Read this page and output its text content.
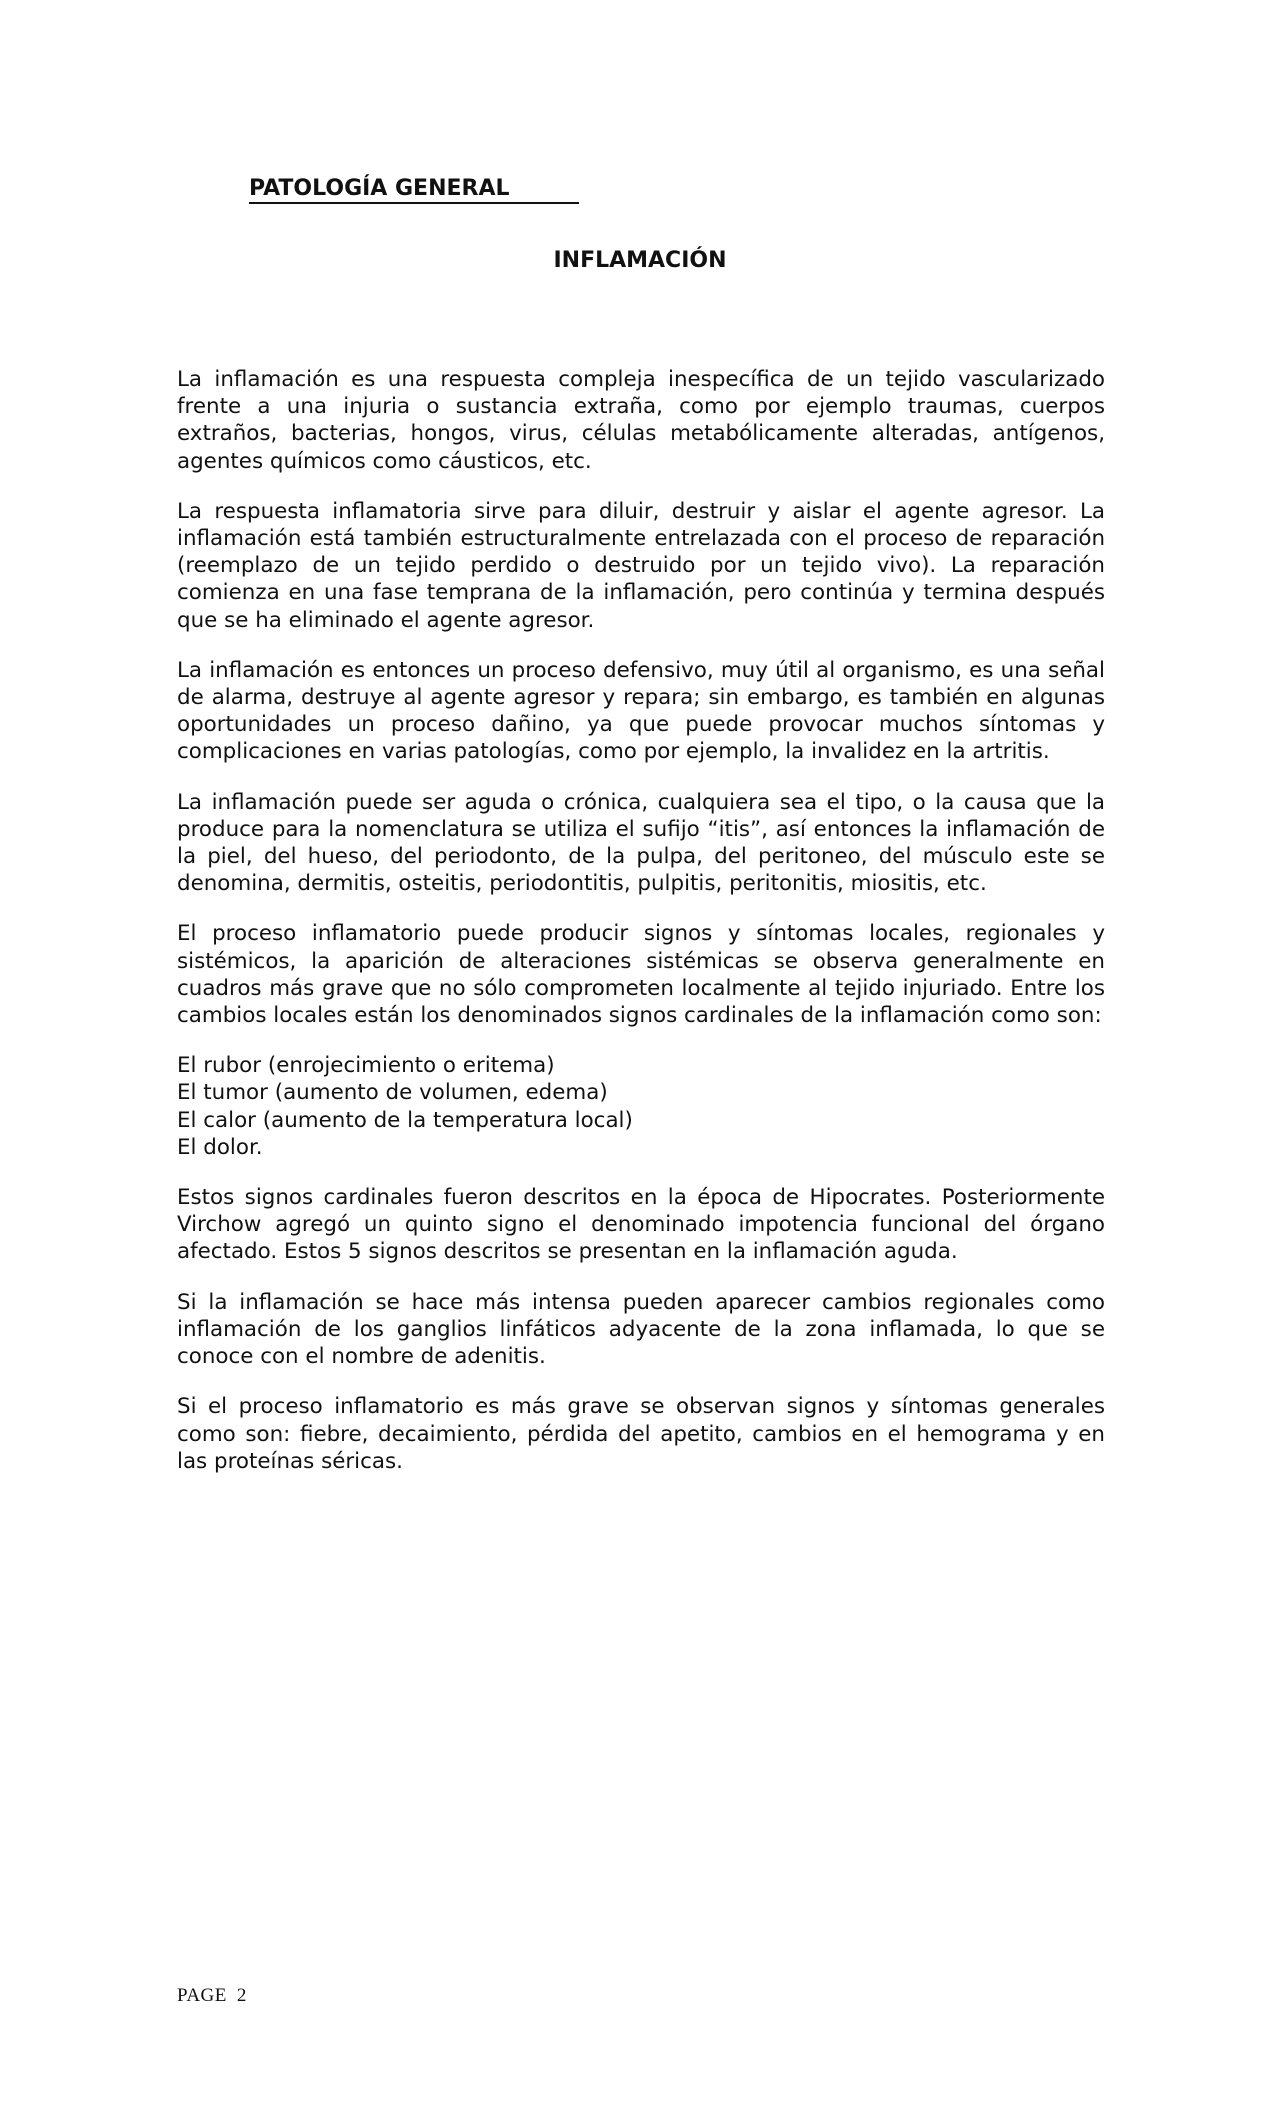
PATOLOGÍA GENERAL
INFLAMACIÓN

La inflamación es una respuesta compleja inespecífica de un tejido vascularizado frente a una injuria o sustancia extraña, como por ejemplo traumas, cuerpos extraños, bacterias, hongos, virus, células metabólicamente alteradas, antígenos, agentes químicos como cáusticos, etc.

La respuesta inflamatoria sirve para diluir, destruir y aislar el agente agresor. La inflamación está también estructuralmente entrelazada con el proceso de reparación (reemplazo de un tejido perdido o destruido por un tejido vivo). La reparación comienza en una fase temprana de la inflamación, pero continúa y termina después que se ha eliminado el agente agresor.

La inflamación es entonces un proceso defensivo, muy útil al organismo, es una señal de alarma, destruye al agente agresor y repara; sin embargo, es también en algunas oportunidades un proceso dañino, ya que puede provocar muchos síntomas y complicaciones en varias patologías, como por ejemplo, la invalidez en la artritis.

La inflamación puede ser aguda o crónica, cualquiera sea el tipo, o la causa que la produce para la nomenclatura se utiliza el sufijo “itis”, así entonces la inflamación de la piel, del hueso, del periodonto, de la pulpa, del peritoneo, del músculo este se denomina, dermitis, osteitis, periodontitis, pulpitis, peritonitis, miositis, etc.

El proceso inflamatorio puede producir signos y síntomas locales, regionales y sistémicos, la aparición de alteraciones sistémicas se observa generalmente en cuadros más grave que no sólo comprometen localmente al tejido injuriado. Entre los cambios locales están los denominados signos cardinales de la inflamación como son:

El rubor (enrojecimiento o eritema)
El tumor (aumento de volumen, edema)
El calor (aumento de la temperatura local)
El dolor.

Estos signos cardinales fueron descritos en la época de Hipocrates. Posteriormente Virchow agregó un quinto signo el denominado impotencia funcional del órgano afectado. Estos 5 signos descritos se presentan en la inflamación aguda.

Si la inflamación se hace más intensa pueden aparecer cambios regionales como inflamación de los ganglios linfáticos adyacente de la zona inflamada, lo que se conoce con el nombre de adenitis.

Si el proceso inflamatorio es más grave se observan signos y síntomas generales como son: fiebre, decaimiento, pérdida del apetito, cambios en el hemograma y en las proteínas séricas.

PAGE 2
